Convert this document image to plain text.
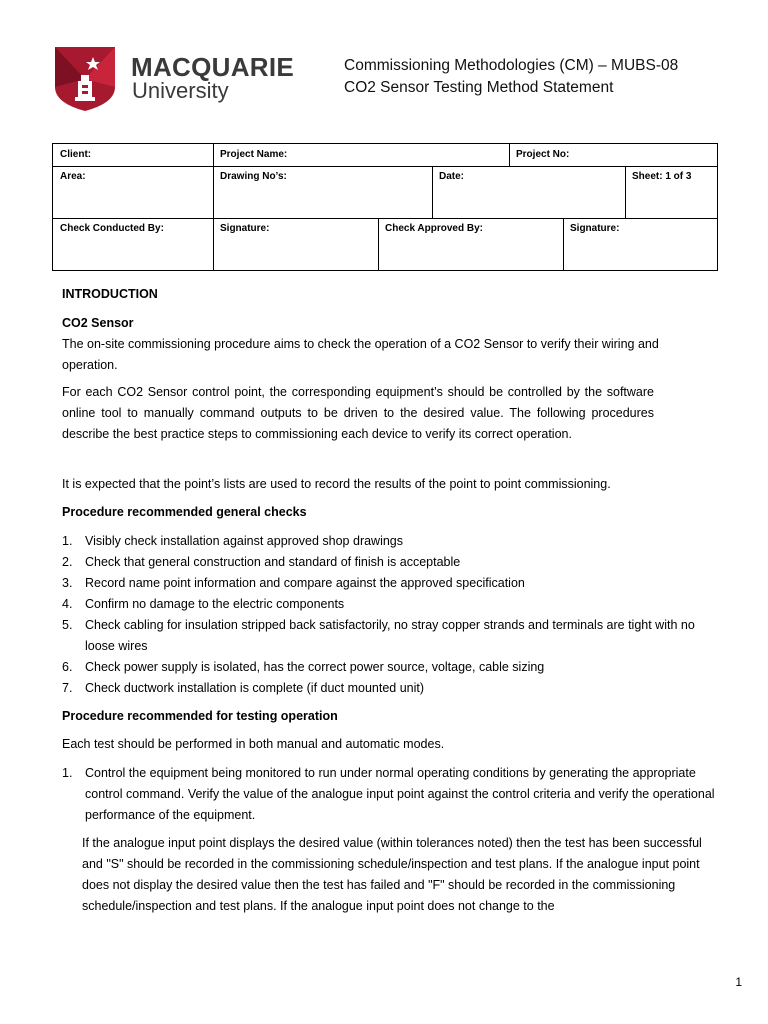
MACQUARIE
University
Commissioning Methodologies (CM) – MUBS-08
CO2 Sensor Testing Method Statement
Client:	Project Name:	Project No:
Area:	Drawing No’s:	Date:	Sheet: 1 of 3
Check Conducted By:	Signature:	Check Approved By:	Signature:
INTRODUCTION
CO2 Sensor
The on-site commissioning procedure aims to check the operation of a CO2 Sensor to verify their wiring and operation.
For each CO2 Sensor control point, the corresponding equipment’s should be controlled by the software online tool to manually command outputs to be driven to the desired value. The following procedures describe the best practice steps to commissioning each device to verify its correct operation.
It is expected that the point’s lists are used to record the results of the point to point commissioning.
Procedure recommended general checks
1.	Visibly check installation against approved shop drawings
2.	Check that general construction and standard of finish is acceptable
3.	Record name point information and compare against the approved specification
4.	Confirm no damage to the electric components
5.	Check cabling for insulation stripped back satisfactorily, no stray copper strands and terminals are tight with no loose wires
6.	Check power supply is isolated, has the correct power source, voltage, cable sizing
7.	Check ductwork installation is complete (if duct mounted unit)
Procedure recommended for testing operation
Each test should be performed in both manual and automatic modes.
1.	Control the equipment being monitored to run under normal operating conditions by generating the appropriate control command. Verify the value of the analogue input point against the control criteria and verify the operational performance of the equipment.
If the analogue input point displays the desired value (within tolerances noted) then the test has been successful and "S" should be recorded in the commissioning schedule/inspection and test plans. If the analogue input point does not display the desired value then the test has failed and "F" should be recorded in the commissioning schedule/inspection and test plans. If the analogue input point does not change to the
1
